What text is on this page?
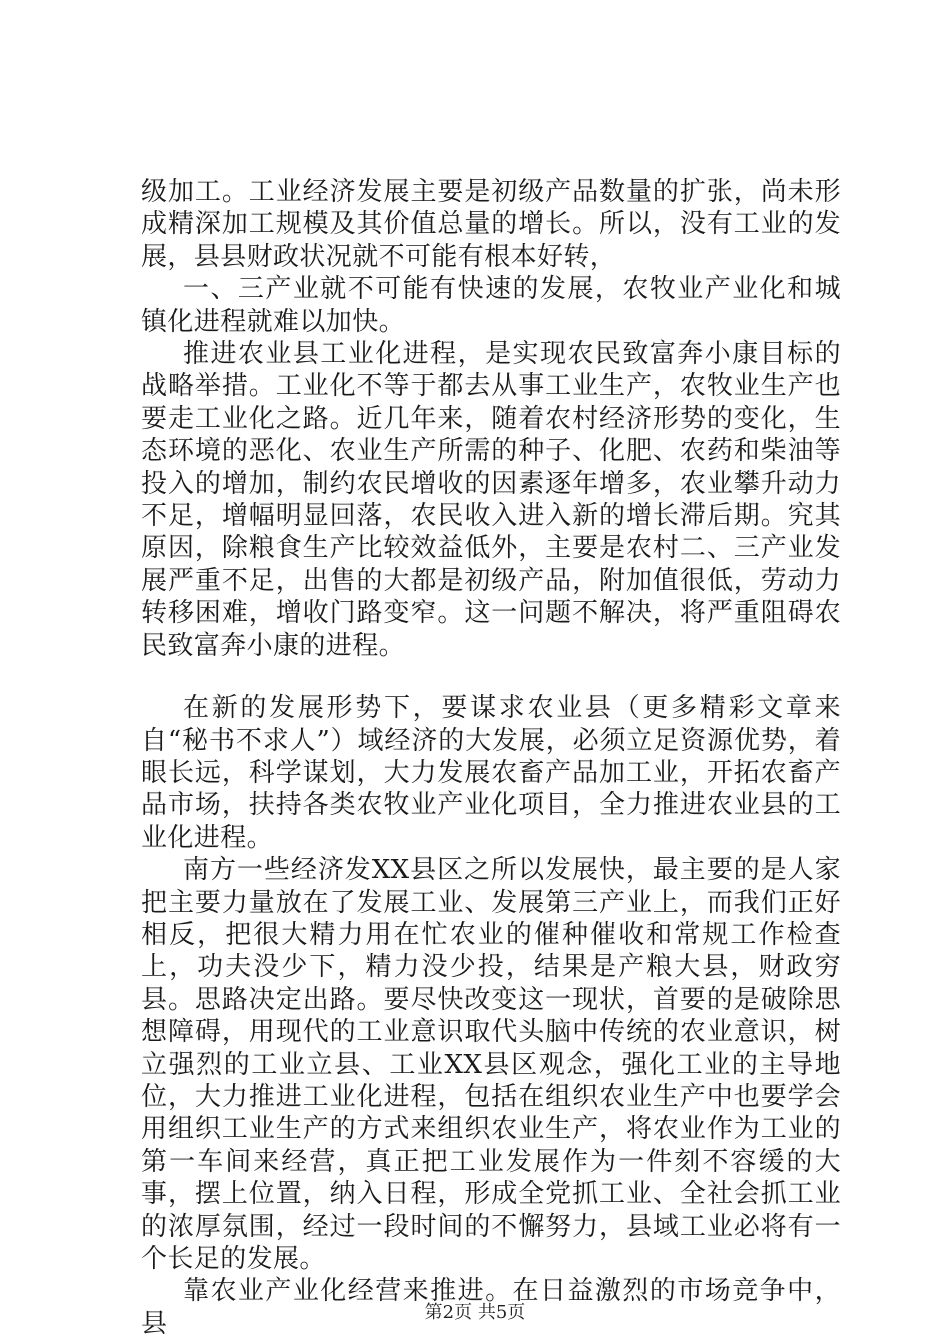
级加工。工业经济发展主要是初级产品数量的扩张，尚未形成精深加工规模及其价值总量的增长。所以，没有工业的发展，县县财政状况就不可能有根本好转，

一、三产业就不可能有快速的发展，农牧业产业化和城镇化进程就难以加快。

推进农业县工业化进程，是实现农民致富奔小康目标的战略举措。工业化不等于都去从事工业生产，农牧业生产也要走工业化之路。近几年来，随着农村经济形势的变化，生态环境的恶化、农业生产所需的种子、化肥、农药和柴油等投入的增加，制约农民增收的因素逐年增多，农业攀升动力不足，增幅明显回落，农民收入进入新的增长滞后期。究其原因，除粮食生产比较效益低外，主要是农村二、三产业发展严重不足，出售的大都是初级产品，附加值很低，劳动力转移困难，增收门路变窄。这一问题不解决，将严重阻碍农民致富奔小康的进程。

在新的发展形势下，要谋求农业县（更多精彩文章来自“秘书不求人”）域经济的大发展，必须立足资源优势，着眼长远，科学谋划，大力发展农畜产品加工业，开拓农畜产品市场，扶持各类农牧业产业化项目，全力推进农业县的工业化进程。

南方一些经济发XX县区之所以发展快，最主要的是人家把主要力量放在了发展工业、发展第三产业上，而我们正好相反，把很大精力用在忙农业的催种催收和常规工作检查上，功夫没少下，精力没少投，结果是产粮大县，财政穷县。思路决定出路。要尽快改变这一现状，首要的是破除思想障碍，用现代的工业意识取代头脑中传统的农业意识，树立强烈的工业立县、工业XX县区观念，强化工业的主导地位，大力推进工业化进程，包括在组织农业生产中也要学会用组织工业生产的方式来组织农业生产，将农业作为工业的第一车间来经营，真正把工业发展作为一件刻不容缓的大事，摆上位置，纳入日程，形成全党抓工业、全社会抓工业的浓厚氛围，经过一段时间的不懈努力，县域工业必将有一个长足的发展。

靠农业产业化经营来推进。在日益激烈的市场竞争中，县	第2页 共5页
